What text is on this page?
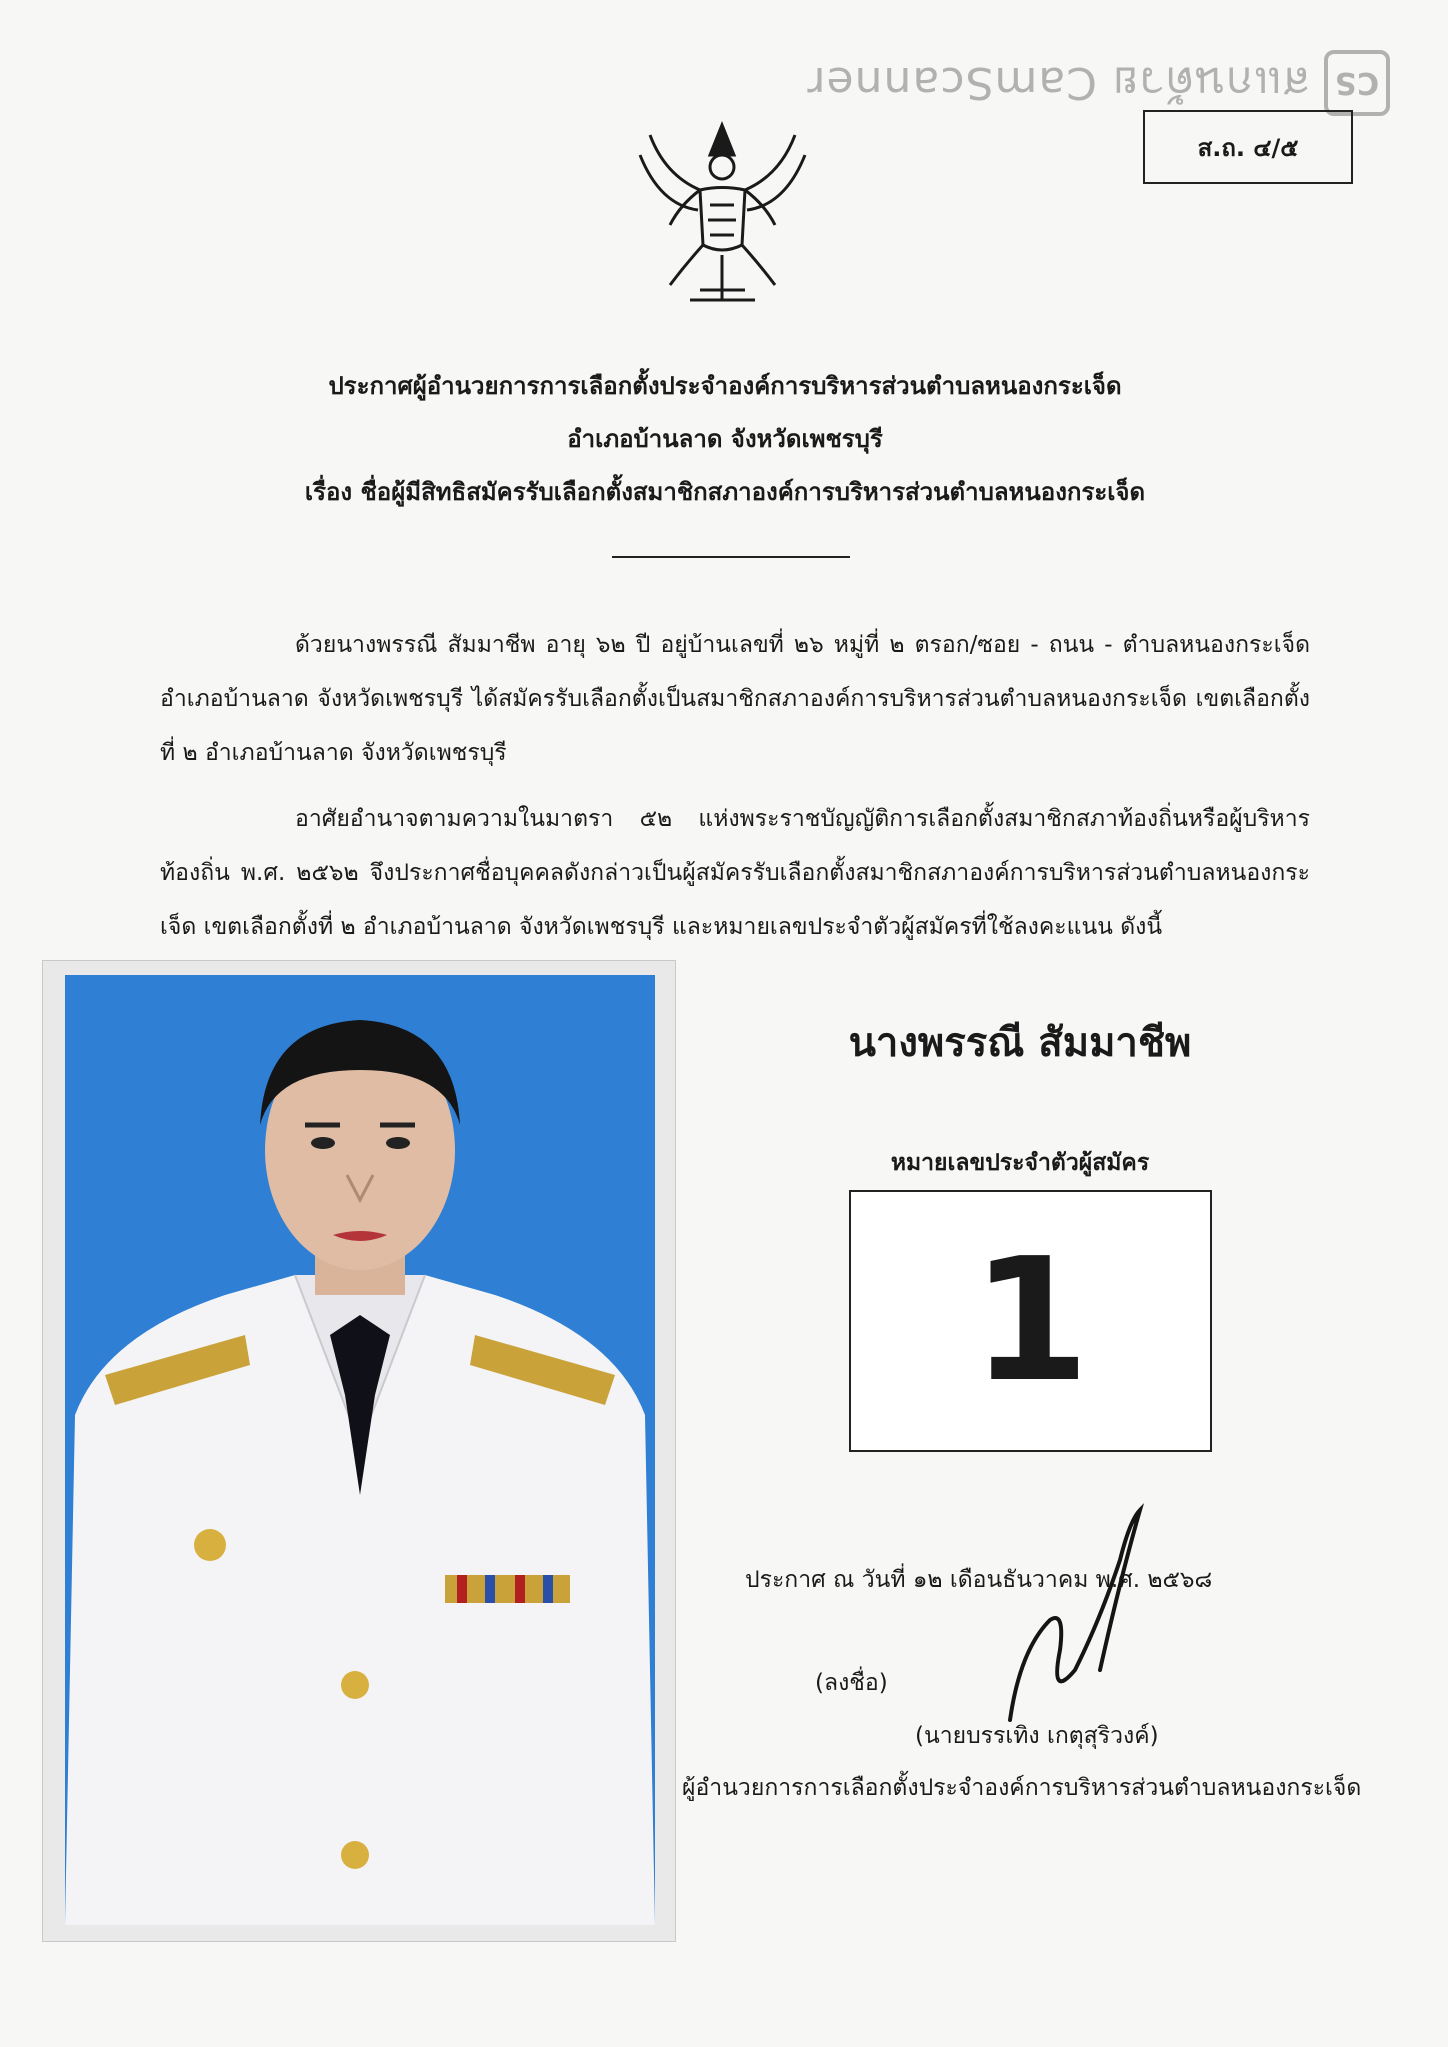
CS
สแกนด้วย CamScanner
ส.ถ. ๔/๕
ประกาศผู้อำนวยการการเลือกตั้งประจำองค์การบริหารส่วนตำบลหนองกระเจ็ด
อำเภอบ้านลาด จังหวัดเพชรบุรี
เรื่อง ชื่อผู้มีสิทธิสมัครรับเลือกตั้งสมาชิกสภาองค์การบริหารส่วนตำบลหนองกระเจ็ด
ด้วยนางพรรณี สัมมาชีพ อายุ ๖๒ ปี อยู่บ้านเลขที่ ๒๖ หมู่ที่ ๒ ตรอก/ซอย - ถนน - ตำบลหนองกระเจ็ด อำเภอบ้านลาด จังหวัดเพชรบุรี ได้สมัครรับเลือกตั้งเป็นสมาชิกสภาองค์การบริหารส่วนตำบลหนองกระเจ็ด เขตเลือกตั้งที่ ๒ อำเภอบ้านลาด จังหวัดเพชรบุรี
อาศัยอำนาจตามความในมาตรา ๕๒ แห่งพระราชบัญญัติการเลือกตั้งสมาชิกสภาท้องถิ่นหรือผู้บริหารท้องถิ่น พ.ศ. ๒๕๖๒ จึงประกาศชื่อบุคคลดังกล่าวเป็นผู้สมัครรับเลือกตั้งสมาชิกสภาองค์การบริหารส่วนตำบลหนองกระเจ็ด เขตเลือกตั้งที่ ๒ อำเภอบ้านลาด จังหวัดเพชรบุรี และหมายเลขประจำตัวผู้สมัครที่ใช้ลงคะแนน ดังนี้
นางพรรณี สัมมาชีพ
หมายเลขประจำตัวผู้สมัคร
1
ประกาศ ณ วันที่ ๑๒ เดือนธันวาคม พ.ศ. ๒๕๖๘
(ลงชื่อ)
(นายบรรเทิง เกตุสุริวงค์)
ผู้อำนวยการการเลือกตั้งประจำองค์การบริหารส่วนตำบลหนองกระเจ็ด
